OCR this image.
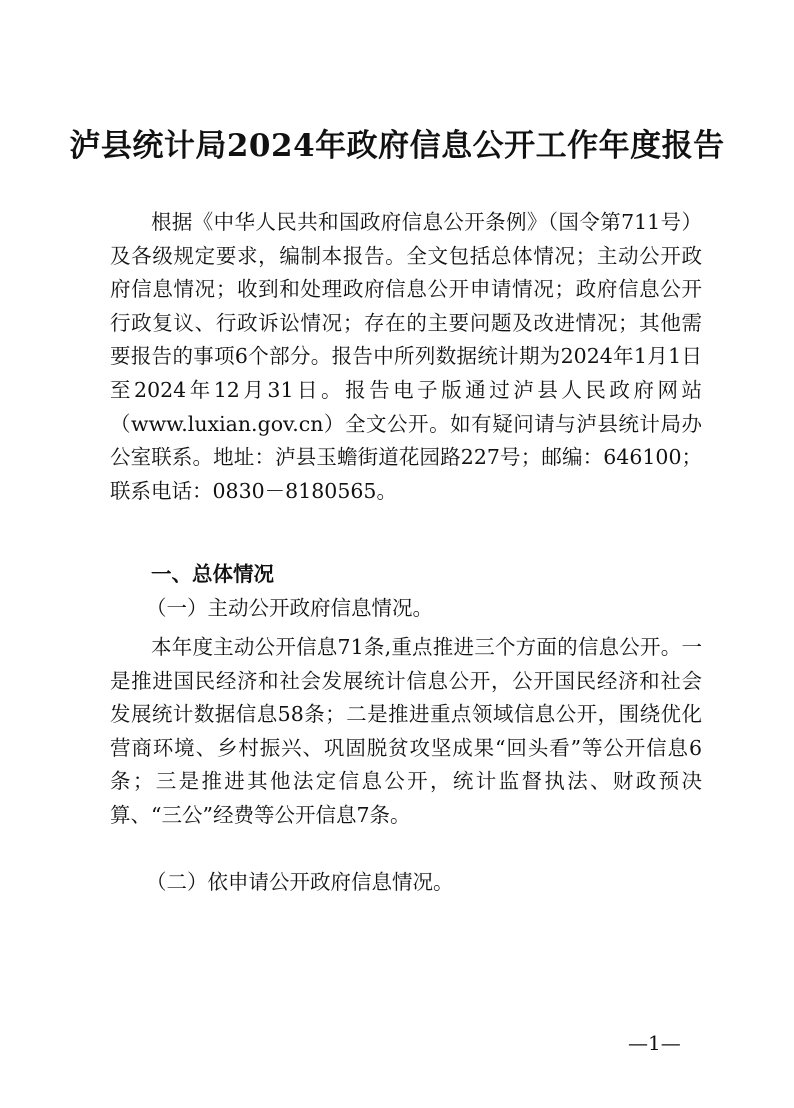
泸县统计局2024年政府信息公开工作年度报告

根据《中华人民共和国政府信息公开条例》（国令第711号）及各级规定要求，编制本报告。全文包括总体情况；主动公开政府信息情况；收到和处理政府信息公开申请情况；政府信息公开行政复议、行政诉讼情况；存在的主要问题及改进情况；其他需要报告的事项6个部分。报告中所列数据统计期为2024年1月1日至2024年12月31日。报告电子版通过泸县人民政府网站（www.luxian.gov.cn）全文公开。如有疑问请与泸县统计局办公室联系。地址：泸县玉蟾街道花园路227号；邮编：646100；联系电话：0830－8180565。

一、总体情况
（一）主动公开政府信息情况。

本年度主动公开信息71条,重点推进三个方面的信息公开。一是推进国民经济和社会发展统计信息公开，公开国民经济和社会发展统计数据信息58条；二是推进重点领域信息公开，围绕优化营商环境、乡村振兴、巩固脱贫攻坚成果“回头看”等公开信息6条；三是推进其他法定信息公开，统计监督执法、财政预决算、“三公”经费等公开信息7条。

（二）依申请公开政府信息情况。
—1—
